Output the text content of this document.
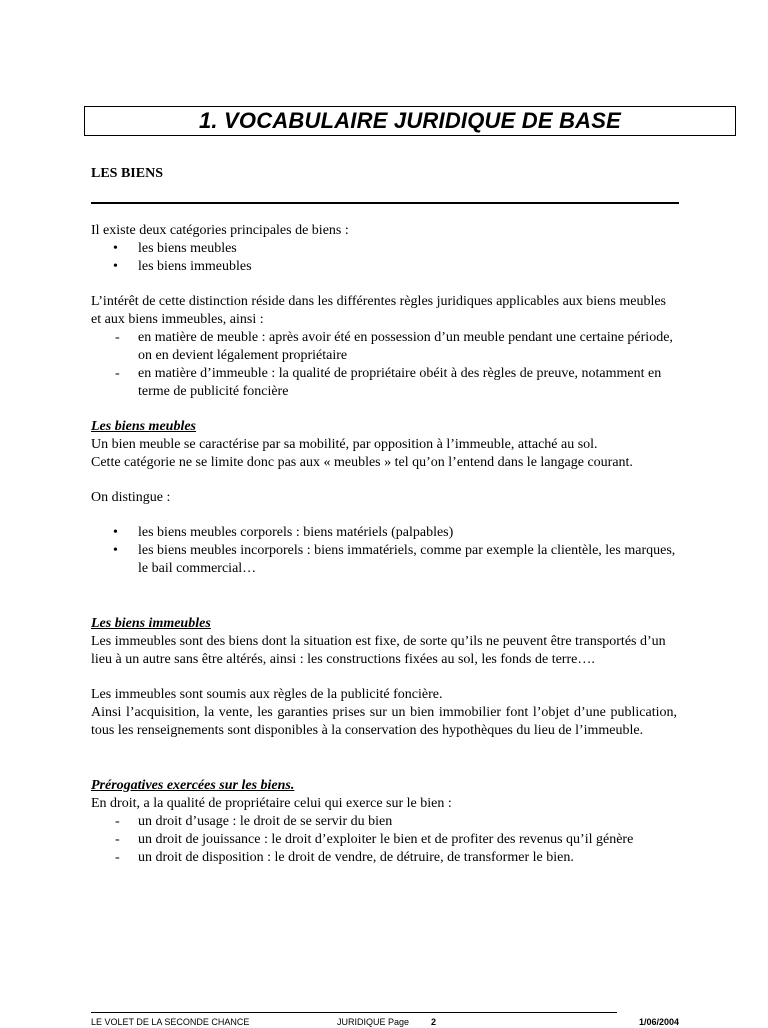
1. VOCABULAIRE JURIDIQUE DE BASE
LES BIENS

Il existe deux catégories principales de biens :

• les biens meubles
• les biens immeubles

L’intérêt de cette distinction réside dans les différentes règles juridiques applicables aux biens meubles et aux biens immeubles, ainsi :

- en matière de meuble : après avoir été en possession d’un meuble pendant une certaine période, on en devient légalement propriétaire
- en matière d’immeuble : la qualité de propriétaire obéit à des règles de preuve, notamment en terme de publicité foncière

Les biens meubles

Un bien meuble se caractérise par sa mobilité, par opposition à l’immeuble, attaché au sol.

Cette catégorie ne se limite donc pas aux « meubles » tel qu’on l’entend dans le langage courant.

On distingue :

• les biens meubles corporels : biens matériels (palpables)
• les biens meubles incorporels : biens immatériels, comme par exemple la clientèle, les marques, le bail commercial…

Les biens immeubles

Les immeubles sont des biens dont la situation est fixe, de sorte qu’ils ne peuvent être transportés d’un lieu à un autre sans être altérés, ainsi : les constructions fixées au sol, les fonds de terre….

Les immeubles sont soumis aux règles de la publicité foncière.

Ainsi l’acquisition, la vente, les garanties prises sur un bien immobilier font l’objet d’une publication, tous les renseignements sont disponibles à la conservation des hypothèques du lieu de l’immeuble.

Prérogatives exercées sur les biens.

En droit, a la qualité de propriétaire celui qui exerce sur le bien :

- un droit d’usage : le droit de se servir du bien
- un droit de jouissance : le droit d’exploiter le bien et de profiter des revenus qu’il génère
- un droit de disposition : le droit de vendre, de détruire, de transformer le bien.
LE VOLET DE LA SECONDE CHANCE	JURIDIQUE Page 2	1/06/2004
